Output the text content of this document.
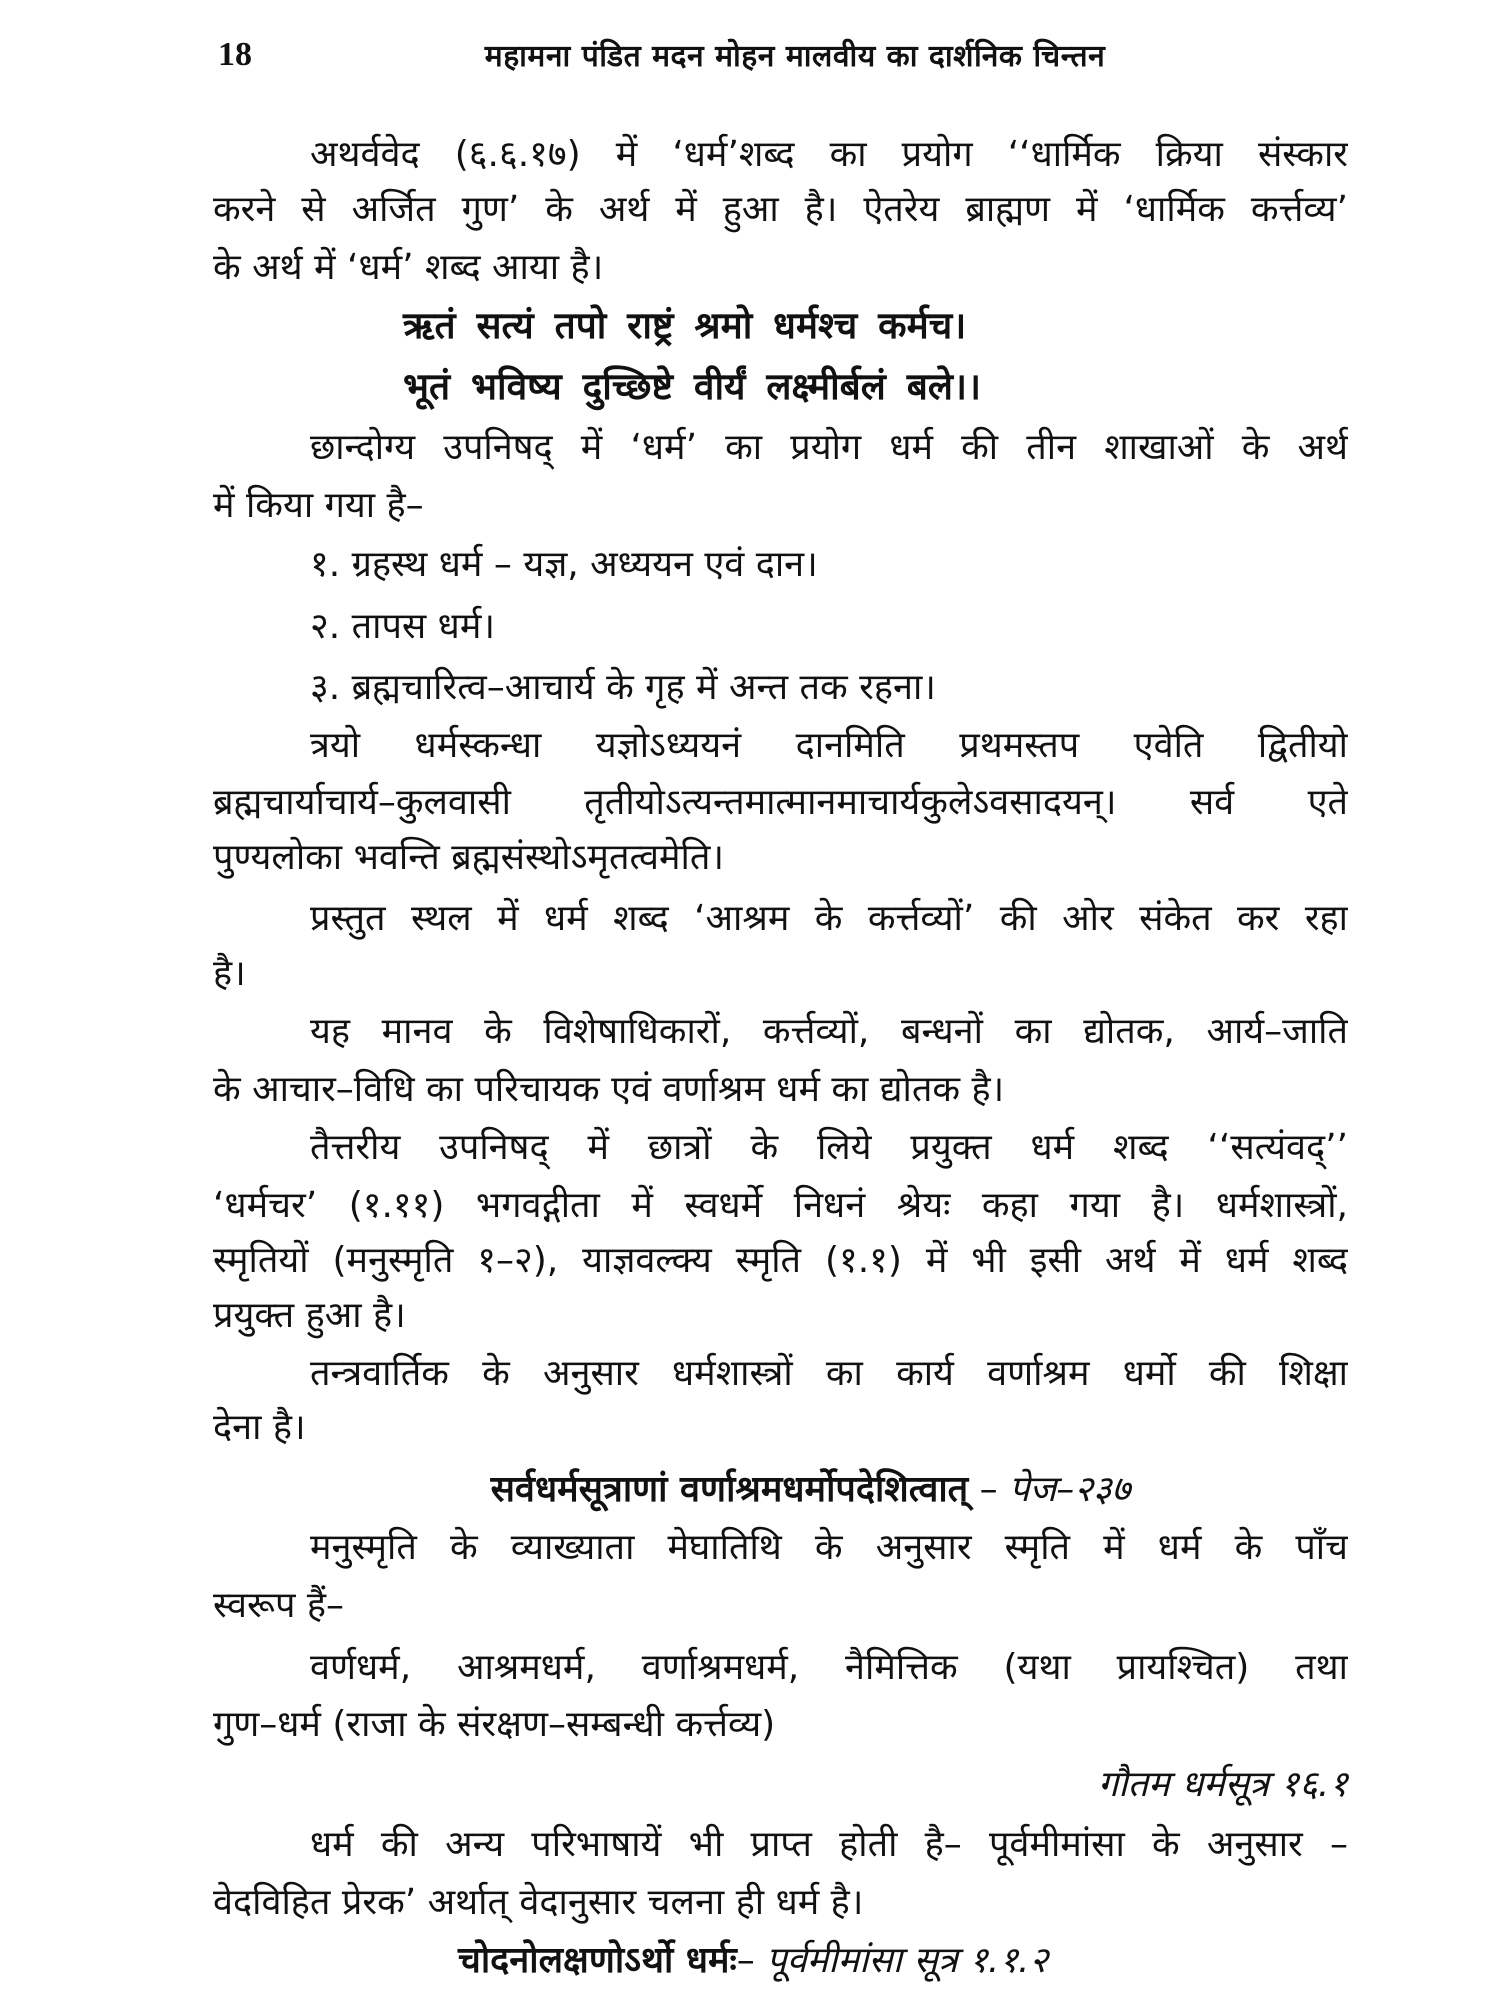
18	महामना पंडित मदन मोहन मालवीय का दार्शनिक चिन्तन
अथर्ववेद (६.६.१७) में ‘धर्म’शब्द का प्रयोग ‘‘धार्मिक क्रिया संस्कार
करने से अर्जित गुण’ के अर्थ में हुआ है। ऐतरेय ब्राह्मण में ‘धार्मिक कर्त्तव्य’
के अर्थ में ‘धर्म’ शब्द आया है।
ऋतं सत्यं तपो राष्ट्रं श्रमो धर्मश्च कर्मच।
भूतं भविष्य दुच्छिष्टे वीर्यं लक्ष्मीर्बलं बले।।
छान्दोग्य उपनिषद् में ‘धर्म’ का प्रयोग धर्म की तीन शाखाओं के अर्थ
में किया गया है–
१. ग्रहस्थ धर्म – यज्ञ, अध्ययन एवं दान।
२. तापस धर्म।
३. ब्रह्मचारित्व–आचार्य के गृह में अन्त तक रहना।
त्रयो धर्मस्कन्धा यज्ञोऽध्ययनं दानमिति प्रथमस्तप एवेति द्वितीयो
ब्रह्मचार्याचार्य–कुलवासी तृतीयोऽत्यन्तमात्मानमाचार्यकुलेऽवसादयन्। सर्व एते
पुण्यलोका भवन्ति ब्रह्मसंस्थोऽमृतत्वमेति।
प्रस्तुत स्थल में धर्म शब्द ‘आश्रम के कर्त्तव्यों’ की ओर संकेत कर रहा
है।
यह मानव के विशेषाधिकारों, कर्त्तव्यों, बन्धनों का द्योतक, आर्य–जाति
के आचार–विधि का परिचायक एवं वर्णाश्रम धर्म का द्योतक है।
तैत्तरीय उपनिषद् में छात्रों के लिये प्रयुक्त धर्म शब्द ‘‘सत्यंवद्’’
‘धर्मचर’ (१.११) भगवद्गीता में स्वधर्मे निधनं श्रेयः कहा गया है। धर्मशास्त्रों,
स्मृतियों (मनुस्मृति १–२), याज्ञवल्क्य स्मृति (१.१) में भी इसी अर्थ में धर्म शब्द
प्रयुक्त हुआ है।
तन्त्रवार्तिक के अनुसार धर्मशास्त्रों का कार्य वर्णाश्रम धर्मो की शिक्षा
देना है।
सर्वधर्मसूत्राणां वर्णाश्रमधर्मोपदेशित्वात् – पेज–२३७
मनुस्मृति के व्याख्याता मेघातिथि के अनुसार स्मृति में धर्म के पाँच
स्वरूप हैं–
वर्णधर्म, आश्रमधर्म, वर्णाश्रमधर्म, नैमित्तिक (यथा प्रायश्चित) तथा
गुण–धर्म (राजा के संरक्षण–सम्बन्धी कर्त्तव्य)
गौतम धर्मसूत्र १६.१
धर्म की अन्य परिभाषायें भी प्राप्त होती है– पूर्वमीमांसा के अनुसार –
वेदविहित प्रेरक’ अर्थात् वेदानुसार चलना ही धर्म है।
चोदनोलक्षणोऽर्थो धर्मः– पूर्वमीमांसा सूत्र १.१.२
